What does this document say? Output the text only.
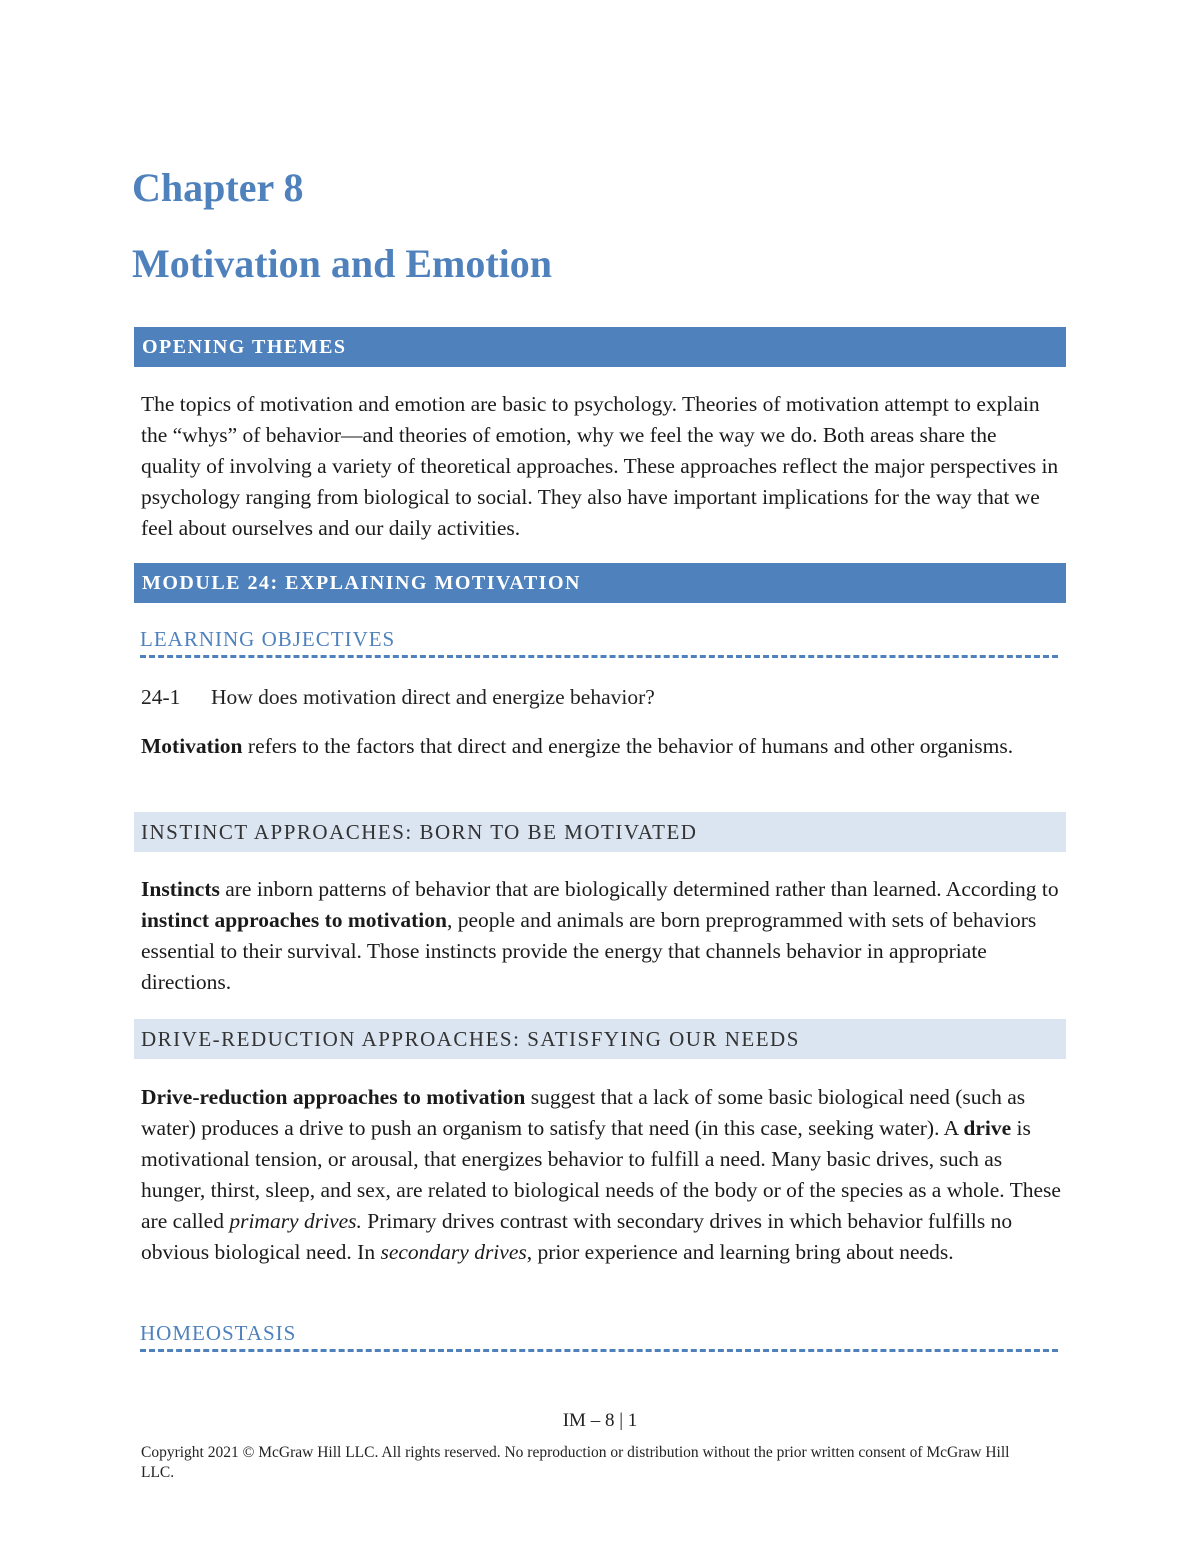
Chapter 8
Motivation and Emotion
OPENING THEMES

The topics of motivation and emotion are basic to psychology. Theories of motivation attempt to explain the “whys” of behavior—and theories of emotion, why we feel the way we do. Both areas share the quality of involving a variety of theoretical approaches. These approaches reflect the major perspectives in psychology ranging from biological to social. They also have important implications for the way that we feel about ourselves and our daily activities.

MODULE 24: EXPLAINING MOTIVATION
LEARNING OBJECTIVES
24-1 How does motivation direct and energize behavior?

Motivation refers to the factors that direct and energize the behavior of humans and other organisms.

INSTINCT APPROACHES: BORN TO BE MOTIVATED

Instincts are inborn patterns of behavior that are biologically determined rather than learned. According to instinct approaches to motivation, people and animals are born preprogrammed with sets of behaviors essential to their survival. Those instincts provide the energy that channels behavior in appropriate directions.

DRIVE-REDUCTION APPROACHES: SATISFYING OUR NEEDS

Drive-reduction approaches to motivation suggest that a lack of some basic biological need (such as water) produces a drive to push an organism to satisfy that need (in this case, seeking water). A drive is motivational tension, or arousal, that energizes behavior to fulfill a need. Many basic drives, such as hunger, thirst, sleep, and sex, are related to biological needs of the body or of the species as a whole. These are called primary drives. Primary drives contrast with secondary drives in which behavior fulfills no obvious biological need. In secondary drives, prior experience and learning bring about needs.

HOMEOSTASIS
IM – 8 | 1
Copyright 2021 © McGraw Hill LLC. All rights reserved. No reproduction or distribution without the prior written consent of McGraw Hill LLC.
